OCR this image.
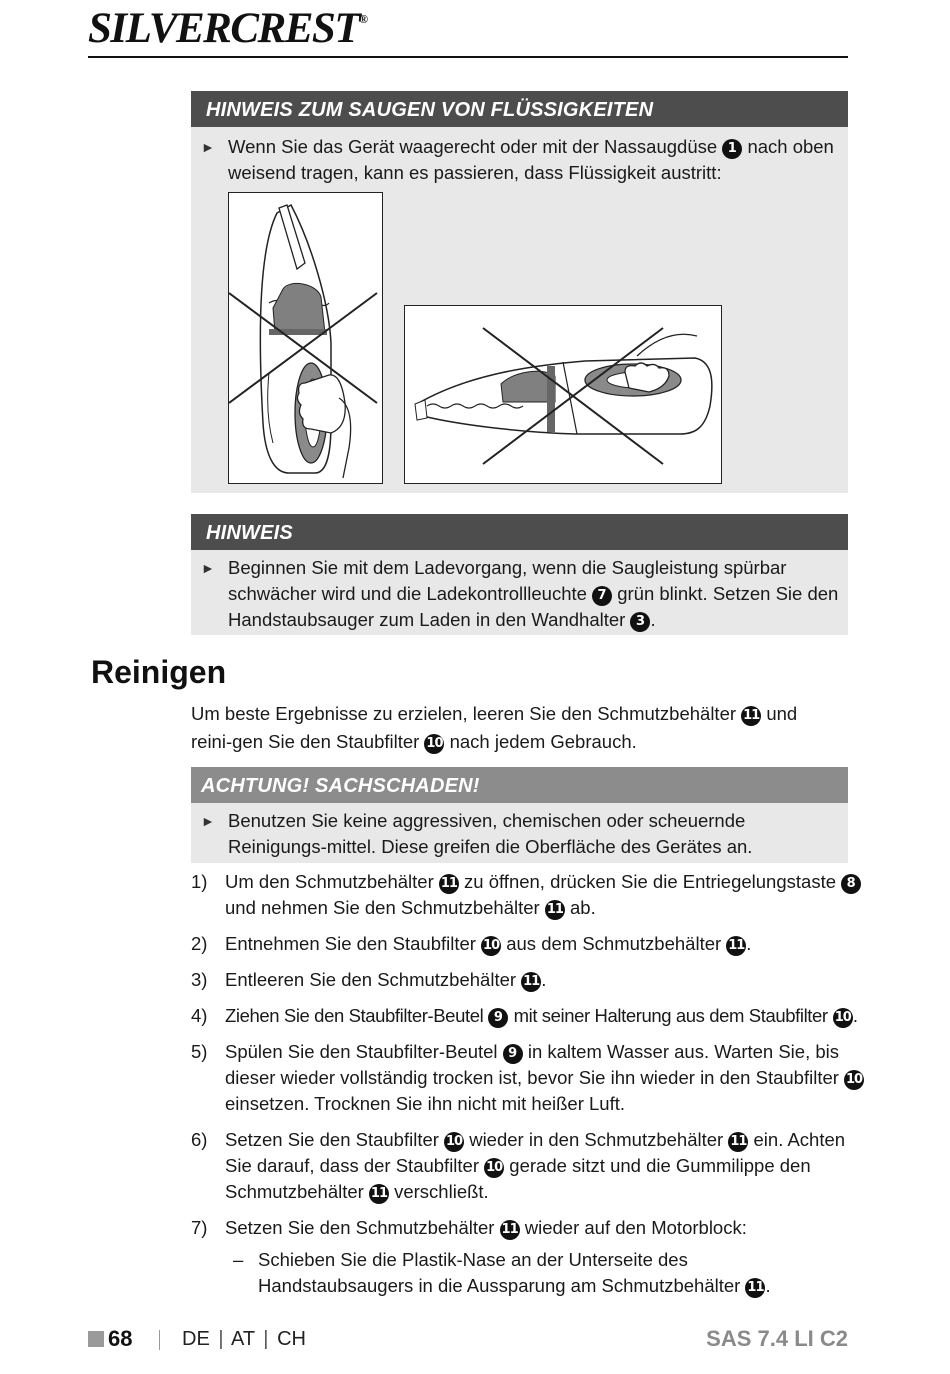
SILVERCREST®
HINWEIS ZUM SAUGEN VON FLÜSSIGKEITEN
► Wenn Sie das Gerät waagerecht oder mit der Nassaugdüse 1 nach oben weisend tragen, kann es passieren, dass Flüssigkeit austritt:
HINWEIS
► Beginnen Sie mit dem Ladevorgang, wenn die Saugleistung spürbar schwächer wird und die Ladekontrollleuchte 7 grün blinkt. Setzen Sie den Handstaubsauger zum Laden in den Wandhalter 3 .
Reinigen
Um beste Ergebnisse zu erzielen, leeren Sie den Schmutzbehälter 11 und reini-gen Sie den Staubfilter 10 nach jedem Gebrauch.
ACHTUNG! SACHSCHADEN!
► Benutzen Sie keine aggressiven, chemischen oder scheuernde Reinigungs-mittel. Diese greifen die Oberfläche des Gerätes an.
1) Um den Schmutzbehälter 11 zu öffnen, drücken Sie die Entriegelungstaste 8 und nehmen Sie den Schmutzbehälter 11 ab.
2) Entnehmen Sie den Staubfilter 10 aus dem Schmutzbehälter 11 .
3) Entleeren Sie den Schmutzbehälter 11 .
4) Ziehen Sie den Staubfilter-Beutel 9 mit seiner Halterung aus dem Staubfilter 10 .
5) Spülen Sie den Staubfilter-Beutel 9 in kaltem Wasser aus. Warten Sie, bis dieser wieder vollständig trocken ist, bevor Sie ihn wieder in den Staubfilter 10 einsetzen. Trocknen Sie ihn nicht mit heißer Luft.
6) Setzen Sie den Staubfilter 10 wieder in den Schmutzbehälter 11 ein. Achten Sie darauf, dass der Staubfilter 10 gerade sitzt und die Gummilippe den Schmutzbehälter 11 verschließt.
7) Setzen Sie den Schmutzbehälter 11 wieder auf den Motorblock:
– Schieben Sie die Plastik-Nase an der Unterseite des Handstaubsaugers in die Aussparung am Schmutzbehälter 11 .
68 DE | AT | CH	SAS 7.4 LI C2
